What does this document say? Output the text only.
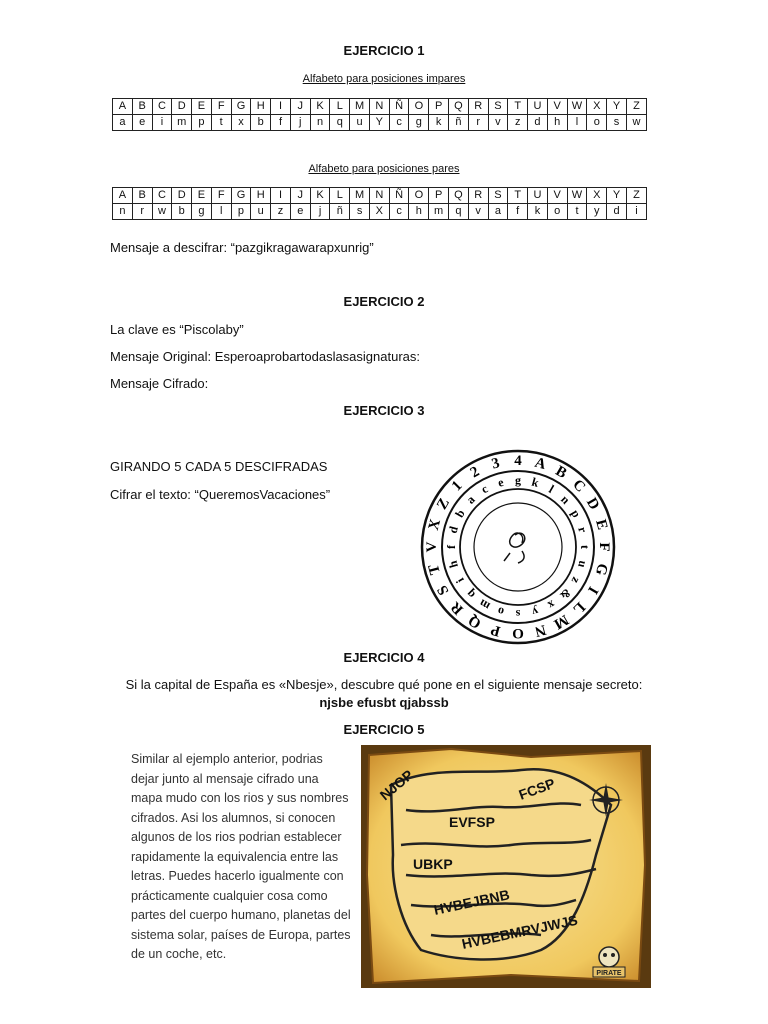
EJERCICIO 1
Alfabeto para posiciones impares
A	B	C	D	E	F	G	H	I	J	K	L	M	N	Ñ	O	P	Q	R	S	T	U	V	W	X	Y	Z
a	e	i	m	p	t	x	b	f	j	n	q	u	Y	c	g	k	ñ	r	v	z	d	h	l	o	s	w
Alfabeto para posiciones pares
A	B	C	D	E	F	G	H	I	J	K	L	M	N	Ñ	O	P	Q	R	S	T	U	V	W	X	Y	Z
n	r	w	b	g	l	p	u	z	e	j	ñ	s	X	c	h	m	q	v	a	f	k	o	t	y	d	i
Mensaje a descifrar: “pazgikragawarapxunrig”
EJERCICIO 2
La clave es “Piscolaby”
Mensaje Original: Esperoaprobartodaslasasignaturas:
Mensaje Cifrado:
EJERCICIO 3
GIRANDO 5 CADA 5 DESCIFRADAS
Cifrar el texto: “QueremosVacaciones”
4 A B
C
D
E
F
G
I
L
M
N
O
P
Q
R
S
T
V
X
Z
1
2 3
g k l
n
p
r
t
u
z
&
x
y
s
o
m
q
i
h
f
d
b
a
c e
EJERCICIO 4
Si la capital de España es «Nbesje», descubre qué pone en el siguiente mensaje secreto:
njsbe efusbt qjabssb
EJERCICIO 5
Similar al ejemplo anterior, podrias dejar junto al mensaje cifrado una mapa mudo con los rios y sus nombres cifrados. Asi los alumnos, si conocen algunos de los rios podrian establecer rapidamente la equivalencia entre las letras. Puedes hacerlo igualmente con prácticamente cualquier cosa como partes del cuerpo humano, planetas del sistema solar, países de Europa, partes de un coche, etc.
PIRATE
NJOP	FCSP
EVFSP
UBKP
HVBEJBNB
HVBEBMRVJWJS
